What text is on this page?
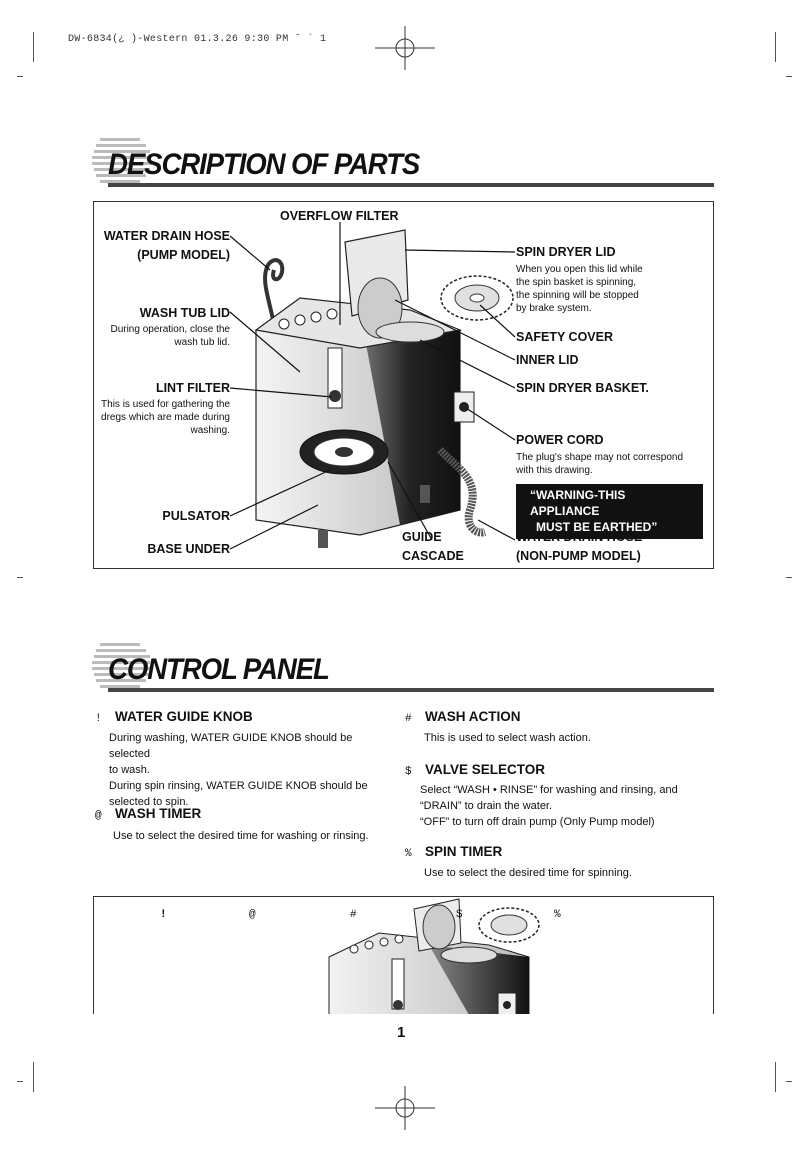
DW-6834(¿ )-Western 01.3.26 9:30 PM ˘ ` 1
DESCRIPTION OF PARTS
OVERFLOW FILTER
WATER DRAIN HOSE
(PUMP MODEL)
WASH TUB LID
During operation, close the
wash tub lid.
LINT FILTER
This is used for gathering the
dregs which are made during
washing.
PULSATOR
BASE UNDER
GUIDE
CASCADE
SPIN DRYER LID
When you open this lid while
the spin basket is spinning,
the spinning will be stopped
by brake system.
SAFETY COVER
INNER LID
SPIN DRYER BASKET.
POWER CORD
The plug's shape may not correspond
with this drawing.
“WARNING-THIS APPLIANCE
MUST BE EARTHED”
WATER DRAIN HOSE
(NON-PUMP MODEL)
CONTROL PANEL
! WATER GUIDE KNOB
During washing, WATER GUIDE KNOB should be selected
to wash.
During spin rinsing, WATER GUIDE KNOB should be
selected to spin.
@ WASH TIMER
Use to select the desired time for washing or rinsing.
# WASH ACTION
This is used to select wash action.
$ VALVE SELECTOR
Select “WASH • RINSE” for washing and rinsing, and
“DRAIN” to drain the water.
“OFF” to turn off drain pump (Only Pump model)
% SPIN TIMER
Use to select the desired time for spinning.
!	@	#	$	%
1
